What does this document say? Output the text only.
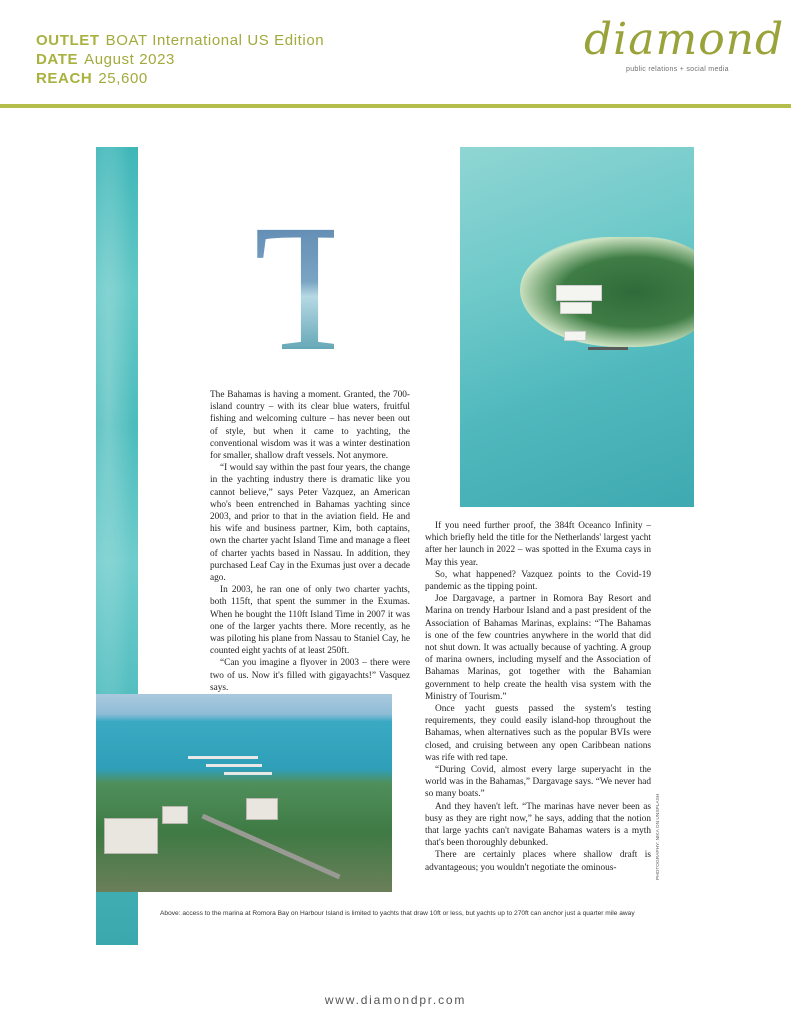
OUTLET BOAT International US Edition
DATE August 2023
REACH 25,600
diamond
public relations + social media
T

The Bahamas is having a moment. Granted, the 700-island country – with its clear blue waters, fruitful fishing and welcoming culture – has never been out of style, but when it came to yachting, the conventional wisdom was it was a winter destination for smaller, shallow draft vessels. Not anymore.

“I would say within the past four years, the change in the yachting industry there is dramatic like you cannot believe,” says Peter Vazquez, an American who's been entrenched in Bahamas yachting since 2003, and prior to that in the aviation field. He and his wife and business partner, Kim, both captains, own the charter yacht Island Time and manage a fleet of charter yachts based in Nassau. In addition, they purchased Leaf Cay in the Exumas just over a decade ago.

In 2003, he ran one of only two charter yachts, both 115ft, that spent the summer in the Exumas. When he bought the 110ft Island Time in 2007 it was one of the larger yachts there. More recently, as he was piloting his plane from Nassau to Staniel Cay, he counted eight yachts of at least 250ft.

“Can you imagine a flyover in 2003 – there were two of us. Now it's filled with gigayachts!” Vasquez says.

If you need further proof, the 384ft Oceanco Infinity – which briefly held the title for the Netherlands' largest yacht after her launch in 2022 – was spotted in the Exuma cays in May this year.

So, what happened? Vazquez points to the Covid-19 pandemic as the tipping point.

Joe Dargavage, a partner in Romora Bay Resort and Marina on trendy Harbour Island and a past president of the Association of Bahamas Marinas, explains: “The Bahamas is one of the few countries anywhere in the world that did not shut down. It was actually because of yachting. A group of marina owners, including myself and the Association of Bahamas Marinas, got together with the Bahamian government to help create the health visa system with the Ministry of Tourism.”

Once yacht guests passed the system's testing requirements, they could easily island-hop throughout the Bahamas, when alternatives such as the popular BVIs were closed, and cruising between any open Caribbean nations was rife with red tape.

“During Covid, almost every large superyacht in the world was in the Bahamas,” Dargavage says. “We never had so many boats.”

And they haven't left. “The marinas have never been as busy as they are right now,” he says, adding that the notion that large yachts can't navigate Bahamas waters is a myth that's been thoroughly debunked.

There are certainly places where shallow draft is advantageous; you wouldn't negotiate the ominous-	PHOTOGRAPHY: NIKA ON UNSPLASH
Above: access to the marina at Romora Bay on Harbour Island is limited to yachts that draw 10ft or less, but yachts up to 270ft can anchor just a quarter mile away
www.diamondpr.com
